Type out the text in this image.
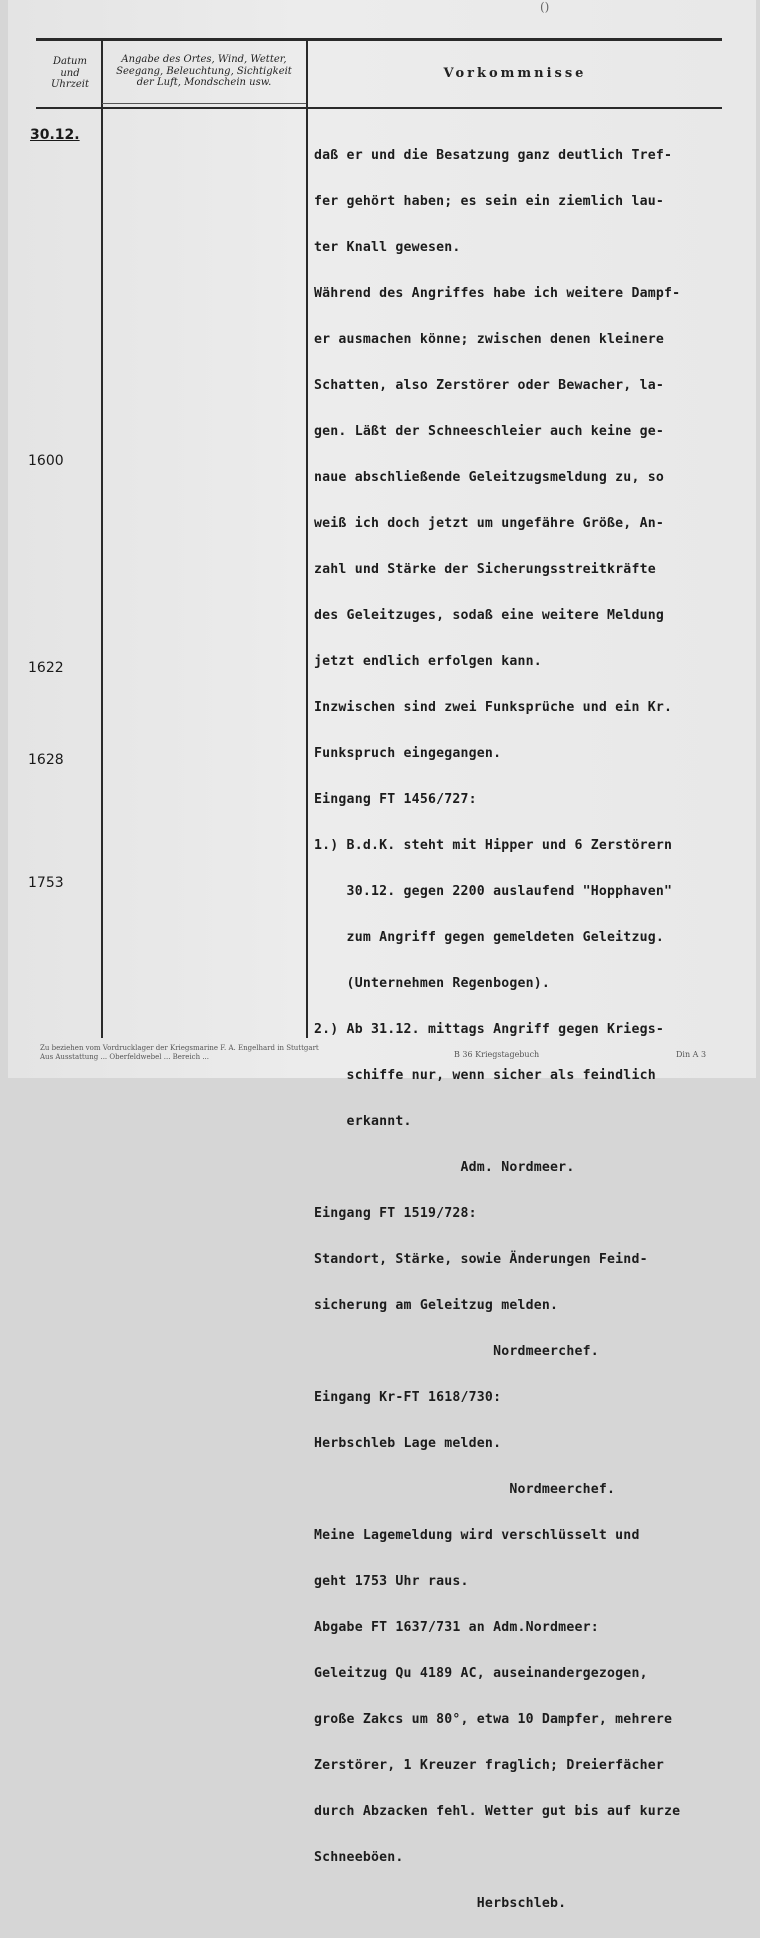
()
Datum
und
Uhrzeit
Angabe des Ortes, Wind, Wetter,
Seegang, Beleuchtung, Sichtigkeit
der Luft, Mondschein usw.
Vorkommnisse
30.12.
1600
1622
1628
1753

daß er und die Besatzung ganz deutlich Tref-

fer gehört haben; es sein ein ziemlich lau-

ter Knall gewesen.

Während des Angriffes habe ich weitere Dampf-

er ausmachen könne; zwischen denen kleinere

Schatten, also Zerstörer oder Bewacher, la-

gen. Läßt der Schneeschleier auch keine ge-

naue abschließende Geleitzugsmeldung zu, so

weiß ich doch jetzt um ungefähre Größe, An-

zahl und Stärke der Sicherungsstreitkräfte

des Geleitzuges, sodaß eine weitere Meldung

jetzt endlich erfolgen kann.

Inzwischen sind zwei Funksprüche und ein Kr.

Funkspruch eingegangen.

Eingang FT 1456/727:

1.) B.d.K. steht mit Hipper und 6 Zerstörern

30.12. gegen 2200 auslaufend "Hopphaven"

zum Angriff gegen gemeldeten Geleitzug.

(Unternehmen Regenbogen).

2.) Ab 31.12. mittags Angriff gegen Kriegs-

schiffe nur, wenn sicher als feindlich

erkannt.

Adm. Nordmeer.

Eingang FT 1519/728:

Standort, Stärke, sowie Änderungen Feind-

sicherung am Geleitzug melden.

Nordmeerchef.

Eingang Kr-FT 1618/730:

Herbschleb Lage melden.

Nordmeerchef.

Meine Lagemeldung wird verschlüsselt und

geht 1753 Uhr raus.

Abgabe FT 1637/731 an Adm.Nordmeer:

Geleitzug Qu 4189 AC, auseinandergezogen,

große Zakcs um 80°, etwa 10 Dampfer, mehrere

Zerstörer, 1 Kreuzer fraglich; Dreierfächer

durch Abzacken fehl. Wetter gut bis auf kurze

Schneeböen.

Herbschleb.

Zu beziehen vom Vordrucklager der Kriegsmarine F. A. Engelhard in Stuttgart
Aus Ausstattung ... Oberfeldwebel ... Bereich ...	B 36 Kriegstagebuch	Din A 3
